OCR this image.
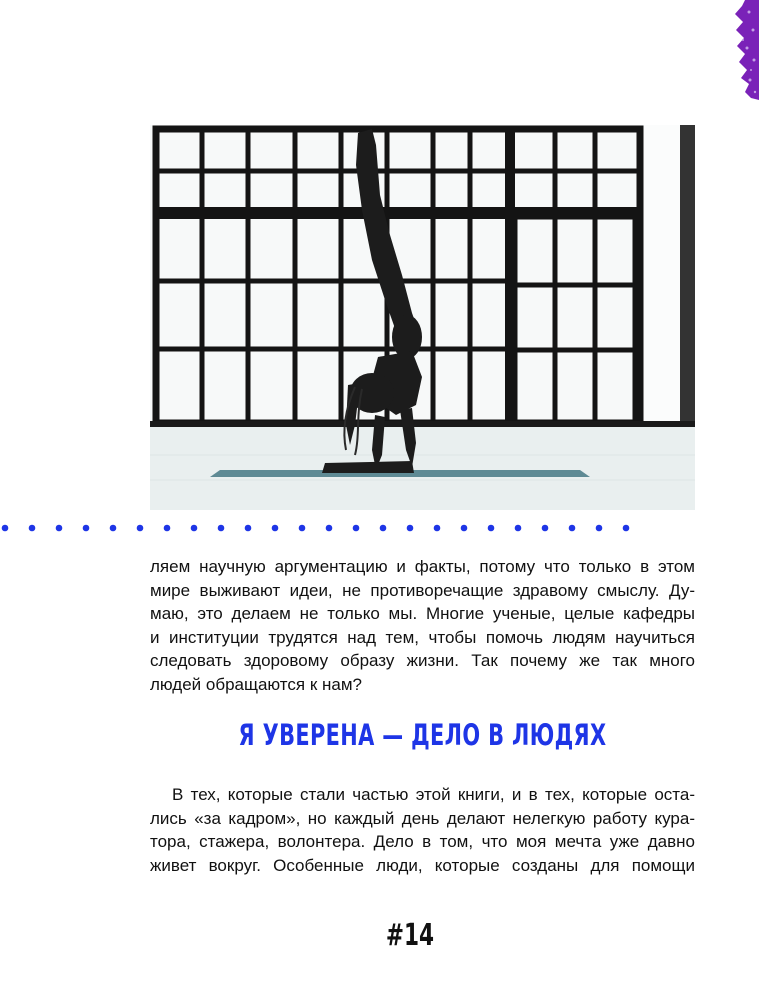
ляем научную аргументацию и факты, потому что только в этом
мире выживают идеи, не противоречащие здравому смыслу. Ду-
маю, это делаем не только мы. Многие ученые, целые кафедры
и институции трудятся над тем, чтобы помочь людям научиться
следовать здоровому образу жизни. Так почему же так много
людей обращаются к нам?

Я УВЕРЕНА — ДЕЛО В ЛЮДЯХ

В тех, которые стали частью этой книги, и в тех, которые оста-
лись «за кадром», но каждый день делают нелегкую работу кура-
тора, стажера, волонтера. Дело в том, что моя мечта уже давно
живет вокруг. Особенные люди, которые созданы для помощи

#14
